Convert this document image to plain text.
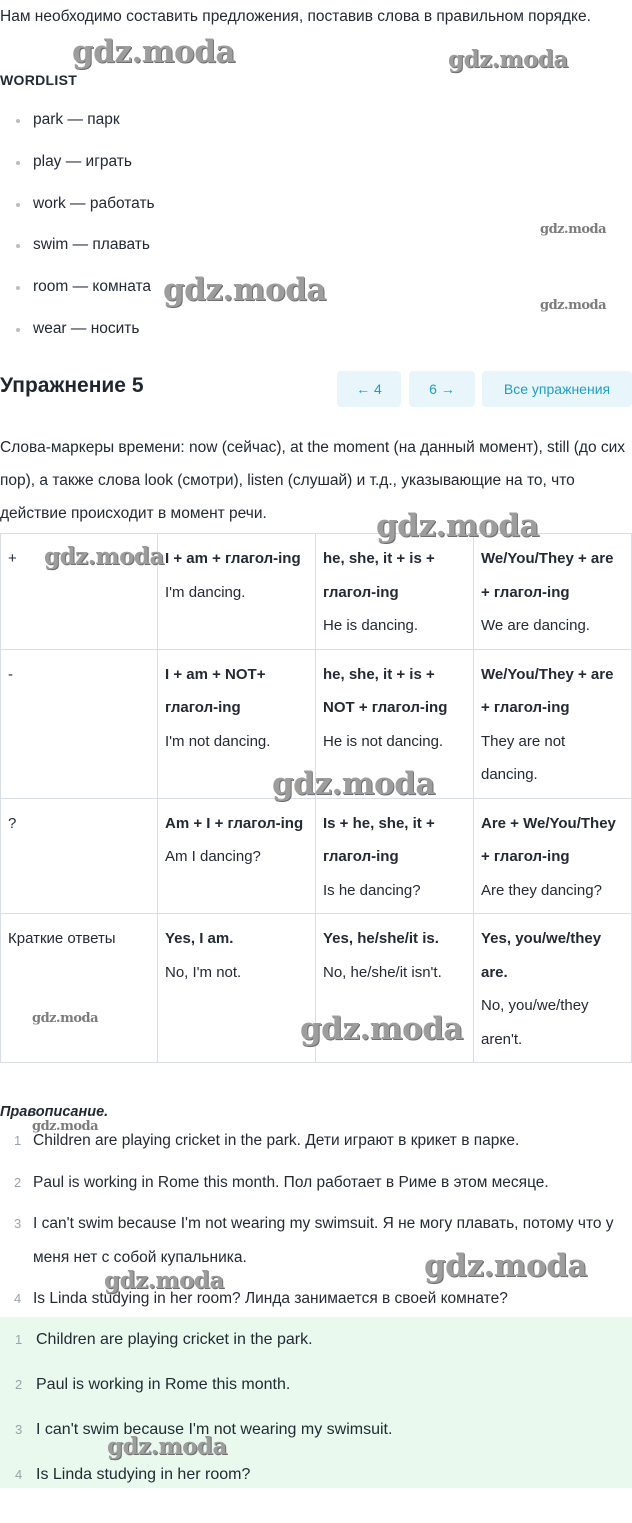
Нам необходимо составить предложения, поставив слова в правильном порядке.

WORDLIST
park — парк
play — играть
work — работать
swim — плавать
room — комната
wear — носить
Упражнение 5	← 4	6 →	Все упражнения

Слова-маркеры времени: now (сейчас), at the moment (на данный момент), still (до сих пор), а также слова look (смотри), listen (слушай) и т.д., указывающие на то, что действие происходит в момент речи.

+	I + am + глагол-ing
I'm dancing.	he, she, it + is + глагол-ing
He is dancing.	We/You/They + are + глагол-ing
We are dancing.

-	I + am + NOT+ глагол-ing
I'm not dancing.	he, she, it + is + NOT + глагол-ing
He is not dancing.	We/You/They + are + глагол-ing
They are not dancing.

?	Am + I + глагол-ing
Am I dancing?	Is + he, she, it + глагол-ing
Is he dancing?	Are + We/You/They + глагол-ing
Are they dancing?

Краткие ответы	Yes, I am.
No, I'm not.	Yes, he/she/it is.
No, he/she/it isn't.	Yes, you/we/they are.
No, you/we/they aren't.
Правописание.
1 Children are playing cricket in the park. Дети играют в крикет в парке.
2 Paul is working in Rome this month. Пол работает в Риме в этом месяце.
3 I can't swim because I'm not wearing my swimsuit. Я не могу плавать, потому что у меня нет с собой купальника.
4 Is Linda studying in her room? Линда занимается в своей комнате?
1 Children are playing cricket in the park.
2 Paul is working in Rome this month.
3 I can't swim because I'm not wearing my swimsuit.
4 Is Linda studying in her room?
gdz.moda	gdz.moda
gdz.moda
gdz.moda	gdz.moda
gdz.moda
gdz.moda
gdz.moda
gdz.moda	gdz.moda
gdz.moda
gdz.moda
gdz.moda
gdz.moda
